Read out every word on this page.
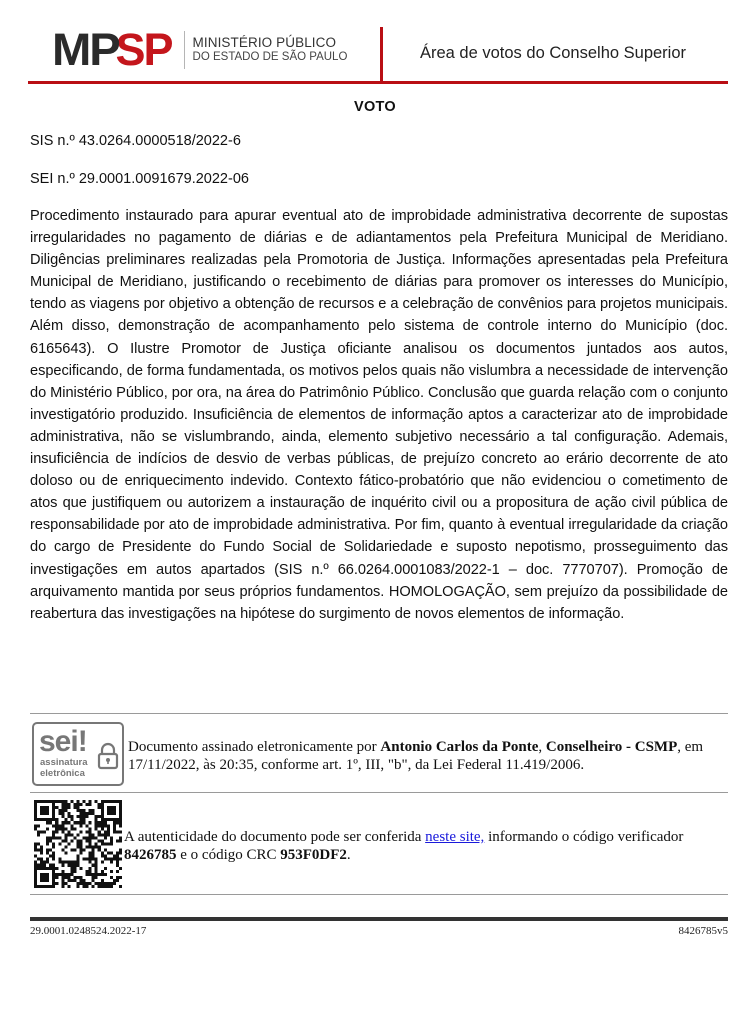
MP
SP MINISTÉRIO PÚBLICO
DO ESTADO DE SÃO PAULO	Área de votos do Conselho Superior
VOTO
SIS n.º 43.0264.0000518/2022-6
SEI n.º 29.0001.0091679.2022-06
Procedimento instaurado para apurar eventual ato de improbidade administrativa decorrente de supostas irregularidades no pagamento de diárias e de adiantamentos pela Prefeitura Municipal de Meridiano. Diligências preliminares realizadas pela Promotoria de Justiça. Informações apresentadas pela Prefeitura Municipal de Meridiano, justificando o recebimento de diárias para promover os interesses do Município, tendo as viagens por objetivo a obtenção de recursos e a celebração de convênios para projetos municipais. Além disso, demonstração de acompanhamento pelo sistema de controle interno do Município (doc. 6165643). O Ilustre Promotor de Justiça oficiante analisou os documentos juntados aos autos, especificando, de forma fundamentada, os motivos pelos quais não vislumbra a necessidade de intervenção do Ministério Público, por ora, na área do Patrimônio Público. Conclusão que guarda relação com o conjunto investigatório produzido. Insuficiência de elementos de informação aptos a caracterizar ato de improbidade administrativa, não se vislumbrando, ainda, elemento subjetivo necessário a tal configuração. Ademais, insuficiência de indícios de desvio de verbas públicas, de prejuízo concreto ao erário decorrente de ato doloso ou de enriquecimento indevido. Contexto fático-probatório que não evidenciou o cometimento de atos que justifiquem ou autorizem a instauração de inquérito civil ou a propositura de ação civil pública de responsabilidade por ato de improbidade administrativa. Por fim, quanto à eventual irregularidade da criação do cargo de Presidente do Fundo Social de Solidariedade e suposto nepotismo, prosseguimento das investigações em autos apartados (SIS n.º 66.0264.0001083/2022-1 – doc. 7770707). Promoção de arquivamento mantida por seus próprios fundamentos. HOMOLOGAÇÃO, sem prejuízo da possibilidade de reabertura das investigações na hipótese do surgimento de novos elementos de informação.
sei!
assinatura
eletrônica
Documento assinado eletronicamente por Antonio Carlos da Ponte, Conselheiro - CSMP, em 17/11/2022, às 20:35, conforme art. 1º, III, "b", da Lei Federal 11.419/2006.
A autenticidade do documento pode ser conferida neste site, informando o código verificador
8426785 e o código CRC 953F0DF2.
29.0001.0248524.2022-17	8426785v5
